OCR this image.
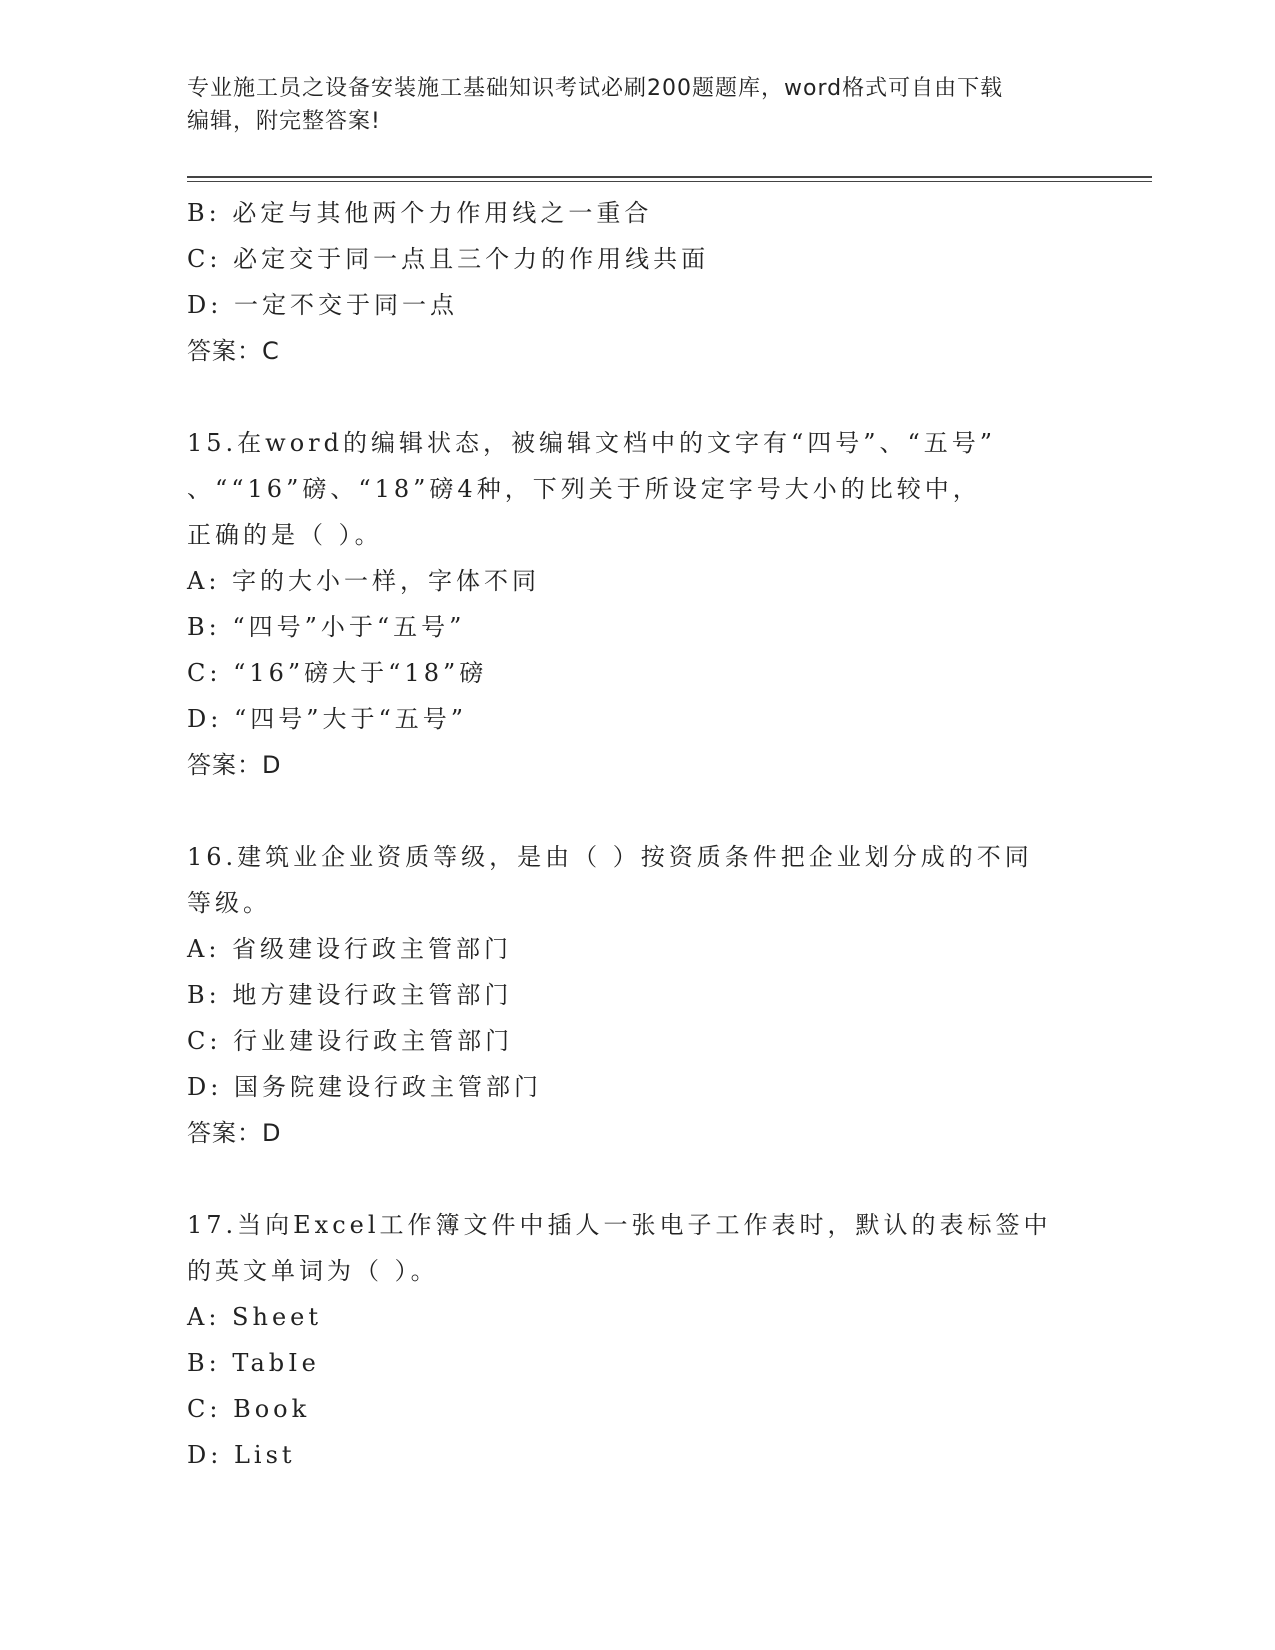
专业施工员之设备安装施工基础知识考试必刷200题题库，word格式可自由下载
编辑，附完整答案!
B: 必定与其他两个力作用线之一重合
C: 必定交于同一点且三个力的作用线共面
D: 一定不交于同一点
答案：C
15.在word的编辑状态，被编辑文档中的文字有“四号”、“五号”
、““16”磅、“18”磅4种，下列关于所设定字号大小的比较中，
正确的是（ ）。
A: 字的大小一样，字体不同
B: “四号”小于“五号”
C: “16”磅大于“18”磅
D: “四号”大于“五号”
答案：D
16.建筑业企业资质等级，是由（ ）按资质条件把企业划分成的不同
等级。
A: 省级建设行政主管部门
B: 地方建设行政主管部门
C: 行业建设行政主管部门
D: 国务院建设行政主管部门
答案：D
17.当向Excel工作簿文件中插人一张电子工作表时，默认的表标签中
的英文单词为（ ）。
A: Sheet
B: TabIe
C: Book
D: List
